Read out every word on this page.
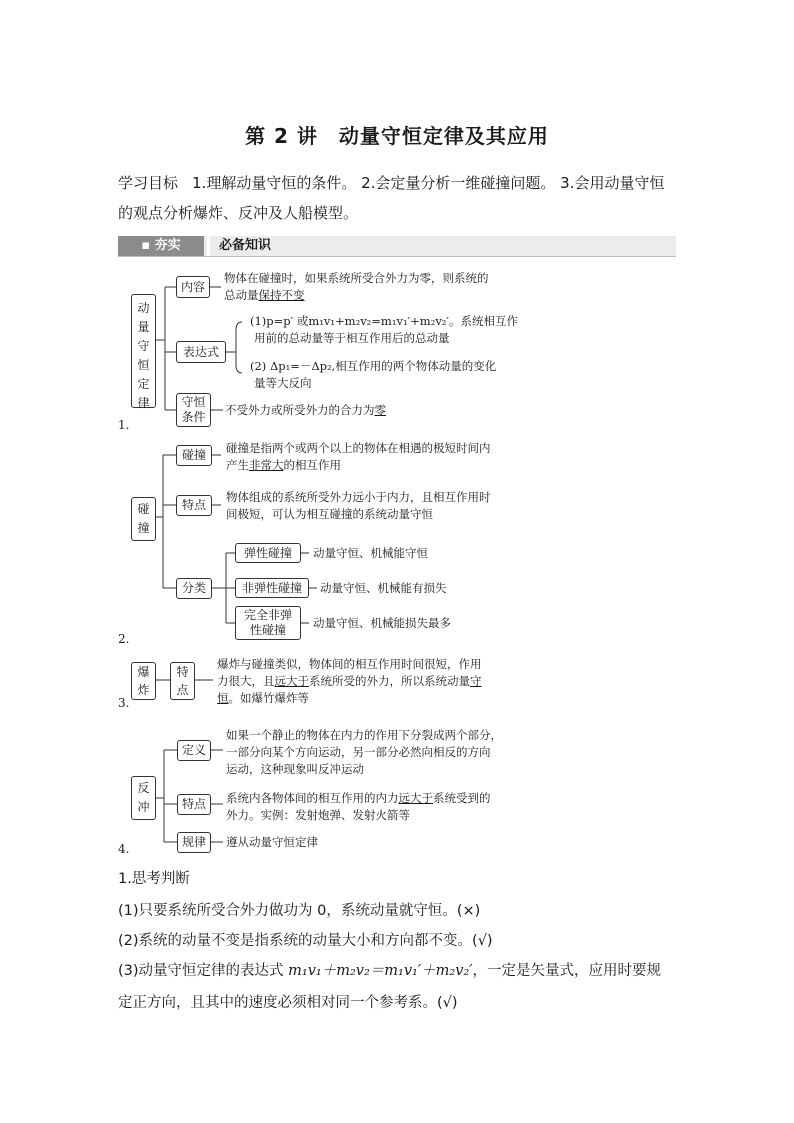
第 2 讲　动量守恒定律及其应用
学习目标 1.理解动量守恒的条件。 2.会定量分析一维碰撞问题。 3.会用动量守恒的观点分析爆炸、反冲及人船模型。
▪ 夯实	必备知识
动
量
守
恒
定
律
1.
内容
物体在碰撞时，如果系统所受合外力为零，则系统的
总动量保持不变
表达式
(1)p=p′ 或m₁v₁+m₂v₂=m₁v₁′+m₂v₂′。系统相互作
用前的总动量等于相互作用后的总动量
(2) Δp₁=－Δp₂,相互作用的两个物体动量的变化
量等大反向
守恒
条件 不受外力或所受外力的合力为零
碰
撞
2.
碰撞	碰撞是指两个或两个以上的物体在相遇的极短时间内
产生非常大的相互作用
特点
物体组成的系统所受外力远小于内力，且相互作用时
间极短，可认为相互碰撞的系统动量守恒
分类
弹性碰撞	动量守恒、机械能守恒
非弹性碰撞	动量守恒、机械能有损失
完全非弹
性碰撞	动量守恒、机械能损失最多
爆
炸
3.
特
点
爆炸与碰撞类似，物体间的相互作用时间很短，作用
力很大，且远大于系统所受的外力，所以系统动量守
恒。如爆竹爆炸等
反
冲
4.
定义
如果一个静止的物体在内力的作用下分裂成两个部分，
一部分向某个方向运动，另一部分必然向相反的方向
运动，这种现象叫反冲运动
特点	系统内各物体间的相互作用的内力远大于系统受到的
外力。实例：发射炮弹、发射火箭等
规律	遵从动量守恒定律
1.思考判断
(1)只要系统所受合外力做功为 0，系统动量就守恒。(×)
(2)系统的动量不变是指系统的动量大小和方向都不变。(√)
(3)动量守恒定律的表达式 m₁v₁＋m₂v₂＝m₁v₁′＋m₂v₂′，一定是矢量式，应用时要规
定正方向，且其中的速度必须相对同一个参考系。(√)
